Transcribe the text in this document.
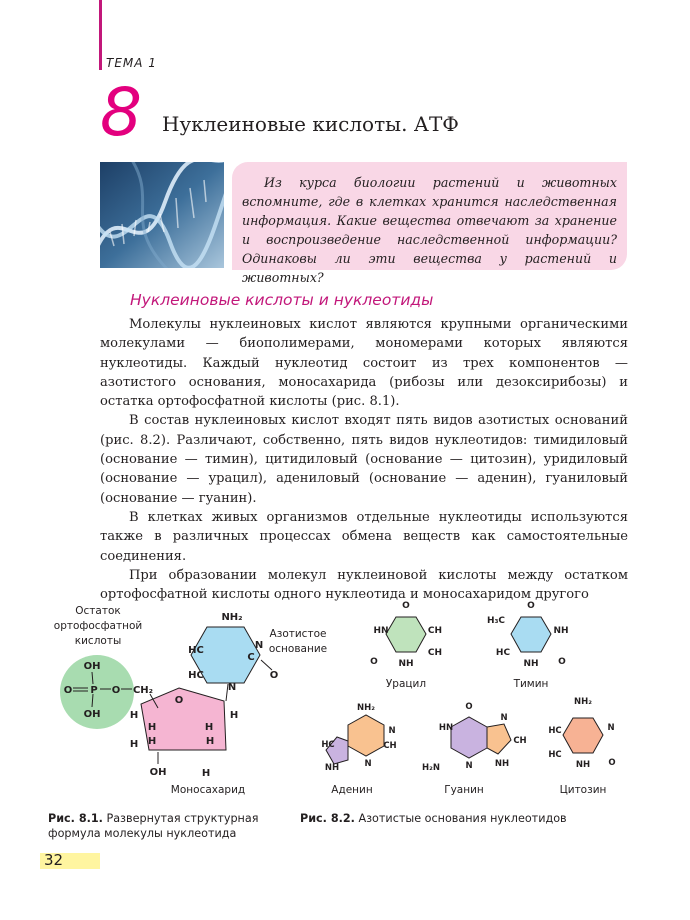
ТЕМА 1
8 Нуклеиновые кислоты. АТФ
Из курса биологии растений и животных вспомните, где в клетках хранится наследственная информация. Какие вещества отвечают за хранение и воспроизведение наследственной информации? Одинаковы ли эти вещества у растений и животных?
Нуклеиновые кислоты и нуклеотиды

Молекулы нуклеиновых кислот являются крупными органическими молекулами — биополимерами, мономерами которых являются нуклеотиды. Каждый нуклеотид состоит из трех компонентов — азотистого основания, моносахарида (рибозы или дезоксирибозы) и остатка ортофосфатной кислоты (рис. 8.1).

В состав нуклеиновых кислот входят пять видов азотистых оснований (рис. 8.2). Различают, собственно, пять видов нуклеотидов: тимидиловый (основание — тимин), цитидиловый (основание — цитозин), уридиловый (основание — урацил), адениловый (основание — аденин), гуаниловый (основание — гуанин).

В клетках живых организмов отдельные нуклеотиды используются также в различных процессах обмена веществ как самостоятельные соединения.

При образовании молекул нуклеиновой кислоты между остатком ортофосфатной кислоты одного нуклеотида и моносахаридом другого

Остаток
ортофосфатной
кислоты
Азотистое
основание
Моносахарид
Урацил	Тимин
Аденин	Гуанин	Цитозин
OH
O P O CH₂
OH
O
H	H
H	H
H
H	H
OH	H
NH₂
HC
HC
N
N
O
C
O
HN	CH
CH
NH
O
O
H₃C
NH
HC
NH O
NH₂
HC	CH
N
NH	N
O
HN
CH
N
H₂N	N	NH
NH₂
HC	N
HC
NH O
Рис. 8.1. Развернутая структурная
формула молекулы нуклеотида
Рис. 8.2. Азотистые основания нуклеотидов
32
